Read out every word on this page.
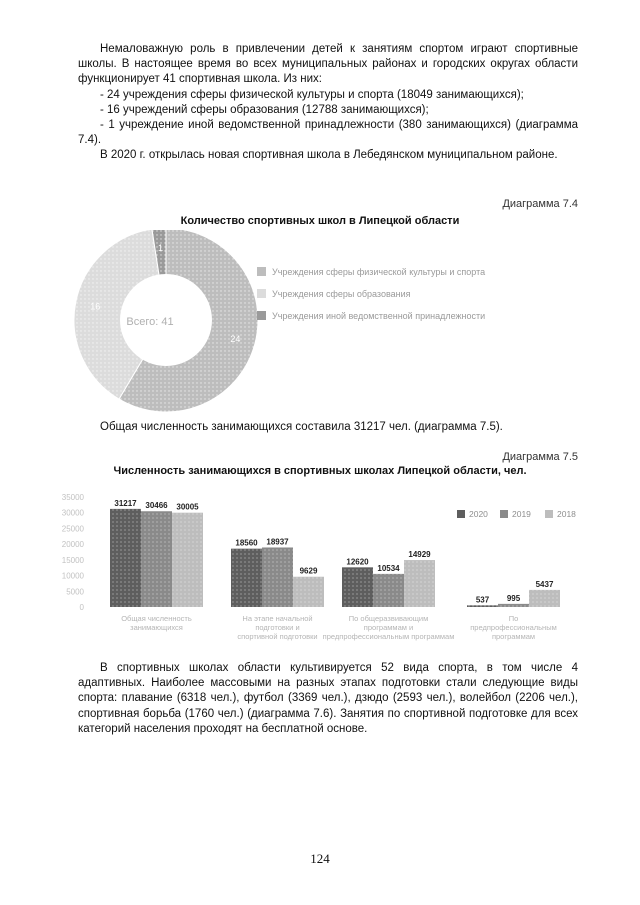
Немаловажную роль в привлечении детей к занятиям спортом играют спортивные школы. В настоящее время во всех муниципальных районах и городских округах области функционирует 41 спортивная школа. Из них:

- 24 учреждения сферы физической культуры и спорта (18049 занимающихся);

- 16 учреждений сферы образования (12788 занимающихся);

- 1 учреждение иной ведомственной принадлежности (380 занимающихся) (диаграмма 7.4).

В 2020 г. открылась новая спортивная школа в Лебедянском муниципальном районе.

Диаграмма 7.4
Количество спортивных школ в Липецкой области
Всего: 41
24
16
1
Учреждения сферы физической культуры и спорта
Учреждения сферы образования
Учреждения иной ведомственной принадлежности

Общая численность занимающихся составила 31217 чел. (диаграмма 7.5).

Диаграмма 7.5
Численность занимающихся в спортивных школах Липецкой области, чел.
0
5000
10000
15000
20000
25000
30000
35000
31217 30466 30005
18560 18937
9629
12620
10534
14929
537 995
5437
Общая численность
занимающихся
На этапе начальной
подготовки и
спортивной подготовки
По общеразвивающим
программам и
предпрофессиональным программам
По
предпрофессиональным
программам
2020	2019	2018

В спортивных школах области культивируется 52 вида спорта, в том числе 4 адаптивных. Наиболее массовыми на разных этапах подготовки стали следующие виды спорта: плавание (6318 чел.), футбол (3369 чел.), дзюдо (2593 чел.), волейбол (2206 чел.), спортивная борьба (1760 чел.) (диаграмма 7.6). Занятия по спортивной подготовке для всех категорий населения проходят на бесплатной основе.

124
